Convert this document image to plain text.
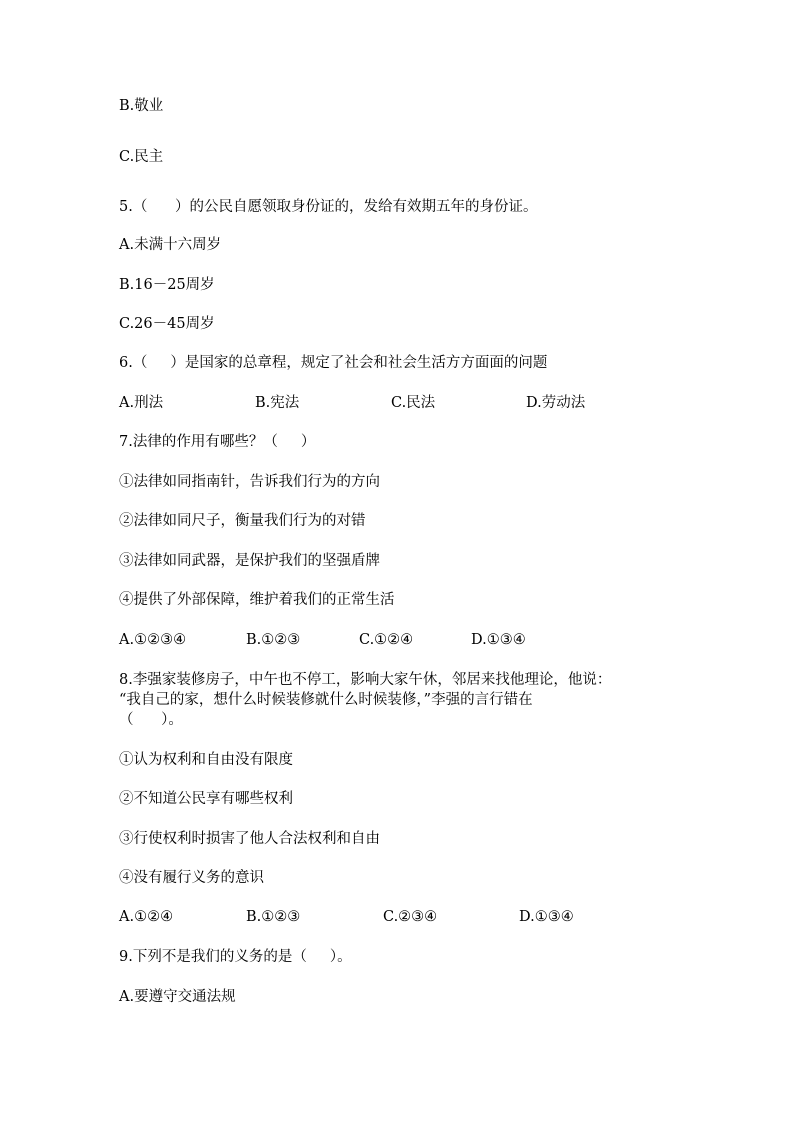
B.敬业
C.民主
5.（      ）的公民自愿领取身份证的，发给有效期五年的身份证。
A.未满十六周岁
B.16－25周岁
C.26－45周岁
6.（     ）是国家的总章程，规定了社会和社会生活方方面面的问题
A.刑法	B.宪法	C.民法	D.劳动法
7.法律的作用有哪些？（     ）
①法律如同指南针，告诉我们行为的方向
②法律如同尺子，衡量我们行为的对错
③法律如同武器，是保护我们的坚强盾牌
④提供了外部保障，维护着我们的正常生活
A.①②③④	B.①②③	C.①②④	D.①③④
8.李强家装修房子，中午也不停工，影响大家午休，邻居来找他理论，他说：
“我自己的家，想什么时候装修就什么时候装修，”李强的言行错在
（      ）。
①认为权利和自由没有限度
②不知道公民享有哪些权利
③行使权利时损害了他人合法权利和自由
④没有履行义务的意识
A.①②④	B.①②③	C.②③④	D.①③④
9.下列不是我们的义务的是（     ）。
A.要遵守交通法规
